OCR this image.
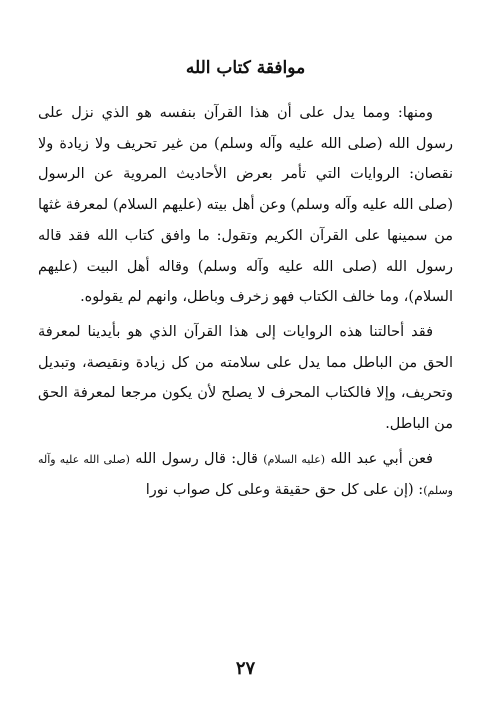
موافقة كتاب الله

ومنها: ومما يدل على أن هذا القرآن بنفسه هو الذي نزل على رسول الله (صلى الله عليه وآله وسلم) من غير تحريف ولا زيادة ولا نقصان: الروايات التي تأمر بعرض الأحاديث المروية عن الرسول (صلى الله عليه وآله وسلم) وعن أهل بيته (عليهم السلام) لمعرفة غثها من سمينها على القرآن الكريم وتقول: ما وافق كتاب الله فقد قاله رسول الله (صلى الله عليه وآله وسلم) وقاله أهل البيت (عليهم السلام)، وما خالف الكتاب فهو زخرف وباطل، وانهم لم يقولوه.

فقد أحالتنا هذه الروايات إلى هذا القرآن الذي هو بأيدينا لمعرفة الحق من الباطل مما يدل على سلامته من كل زيادة ونقيصة، وتبديل وتحريف، وإلا فالكتاب المحرف لا يصلح لأن يكون مرجعا لمعرفة الحق من الباطل.

فعن أبي عبد الله (عليه السلام) قال: قال رسول الله (صلى الله عليه وآله وسلم): (إن على كل حق حقيقة وعلى كل صواب نورا

٢٧
